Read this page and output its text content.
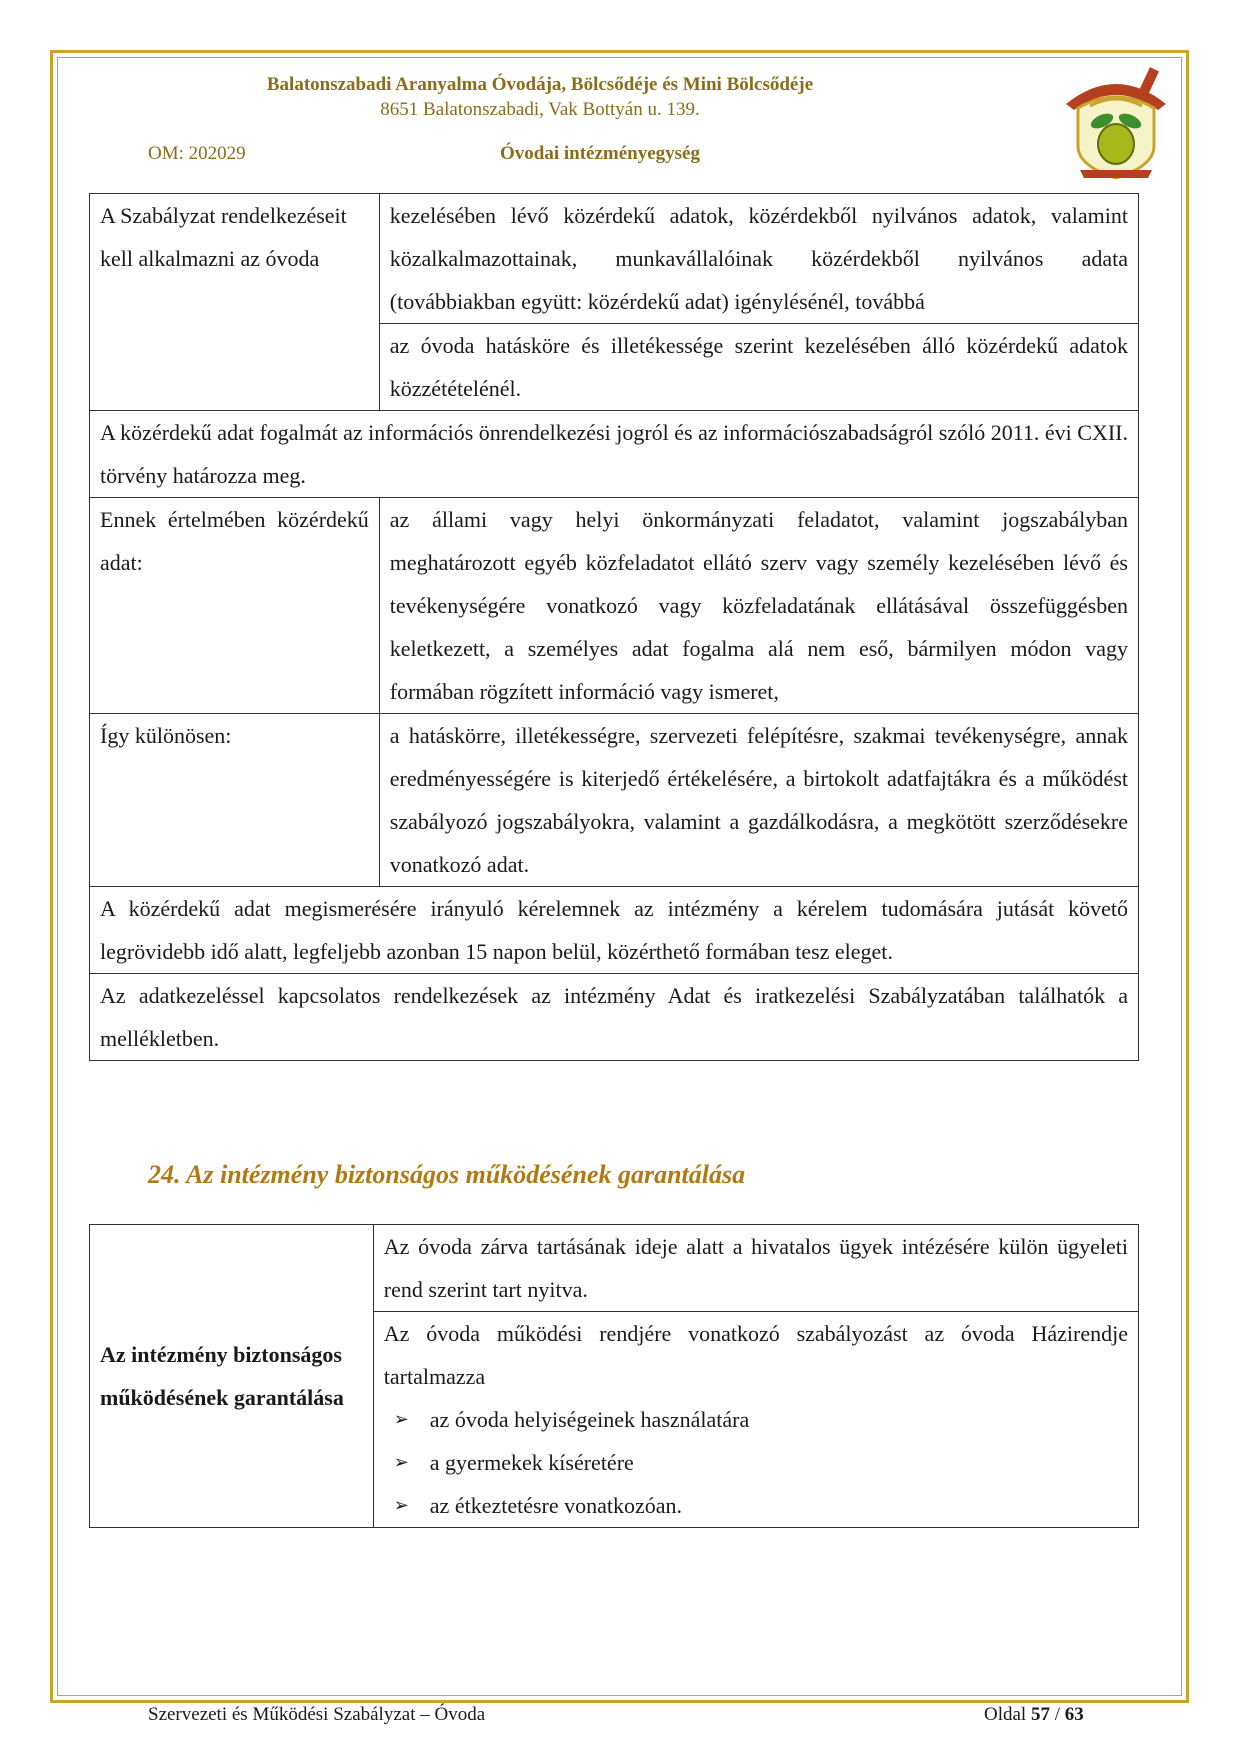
Balatonszabadi Aranyalma Óvodája, Bölcsődéje és Mini Bölcsődéje
8651 Balatonszabadi, Vak Bottyán u. 139.
OM: 202029	Óvodai intézményegység
A Szabályzat rendelkezéseit kell alkalmazni az óvoda	kezelésében lévő közérdekű adatok, közérdekből nyilvános adatok, valamint közalkalmazottainak, munkavállalóinak közérdekből nyilvános adata (továbbiakban együtt: közérdekű adat) igénylésénél, továbbá
	az óvoda hatásköre és illetékessége szerint kezelésében álló közérdekű adatok közzétételénél.
A közérdekű adat fogalmát az információs önrendelkezési jogról és az információszabadságról szóló 2011. évi CXII. törvény határozza meg.	
Ennek értelmében közérdekű adat:	az állami vagy helyi önkormányzati feladatot, valamint jogszabályban meghatározott egyéb közfeladatot ellátó szerv vagy személy kezelésében lévő és tevékenységére vonatkozó vagy közfeladatának ellátásával összefüggésben keletkezett, a személyes adat fogalma alá nem eső, bármilyen módon vagy formában rögzített információ vagy ismeret,
Így különösen:	a hatáskörre, illetékességre, szervezeti felépítésre, szakmai tevékenységre, annak eredményességére is kiterjedő értékelésére, a birtokolt adatfajtákra és a működést szabályozó jogszabályokra, valamint a gazdálkodásra, a megkötött szerződésekre vonatkozó adat.
A közérdekű adat megismerésére irányuló kérelemnek az intézmény a kérelem tudomására jutását követő legrövidebb idő alatt, legfeljebb azonban 15 napon belül, közérthető formában tesz eleget.	
Az adatkezeléssel kapcsolatos rendelkezések az intézmény Adat és iratkezelési Szabályzatában találhatók a mellékletben.	
24. Az intézmény biztonságos működésének garantálása
Az intézmény biztonságos működésének garantálása	Az óvoda zárva tartásának ideje alatt a hivatalos ügyek intézésére külön ügyeleti rend szerint tart nyitva.

Az óvoda működési rendjére vonatkozó szabályozást az óvoda Házirendje tartalmazza
➢ az óvoda helyiségeinek használatára
➢ a gyermekek kíséretére
➢ az étkeztetésre vonatkozóan.
Szervezeti és Működési Szabályzat – Óvoda	Oldal 57 / 63
